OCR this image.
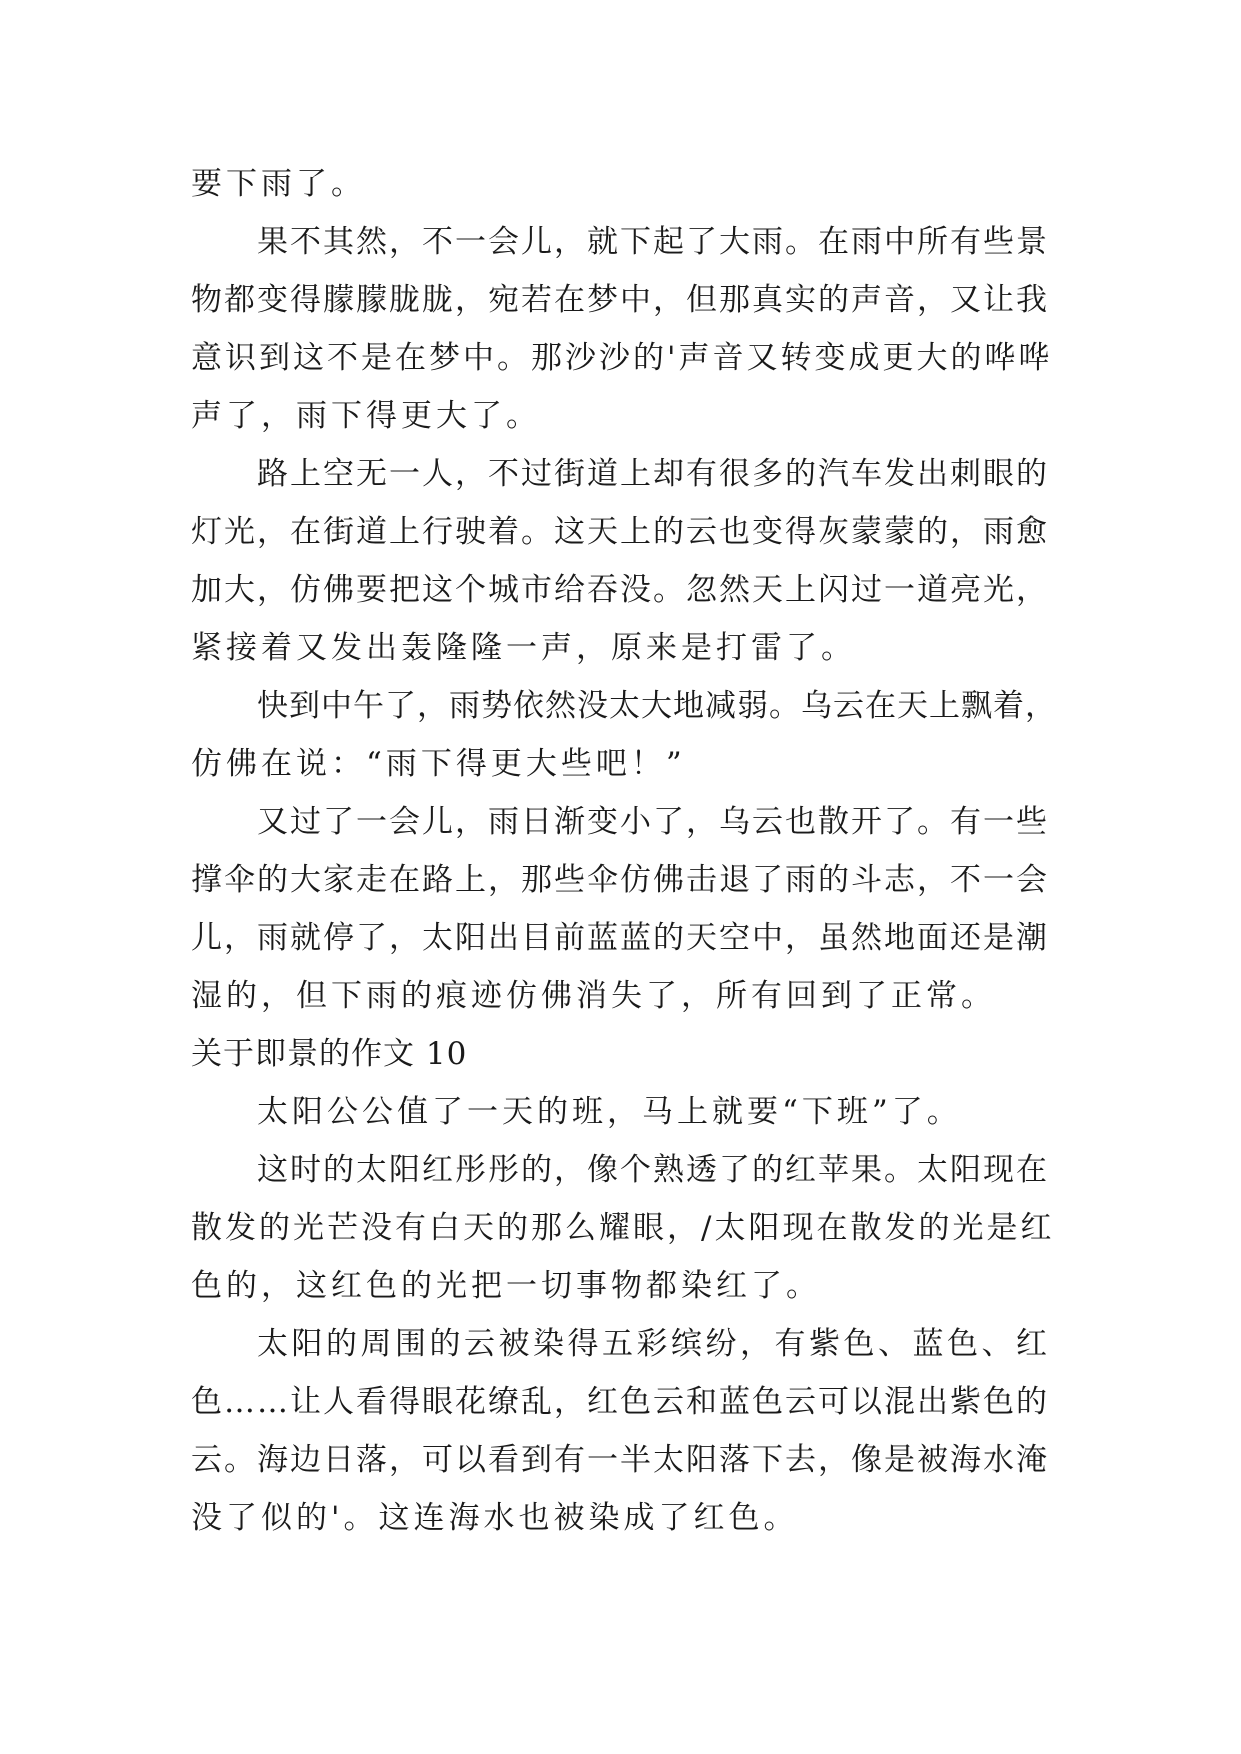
要下雨了。
果不其然，不一会儿，就下起了大雨。在雨中所有些景
物都变得朦朦胧胧，宛若在梦中，但那真实的声音，又让我
意识到这不是在梦中。那沙沙的'声音又转变成更大的哗哗
声了，雨下得更大了。
路上空无一人，不过街道上却有很多的汽车发出刺眼的
灯光，在街道上行驶着。这天上的云也变得灰蒙蒙的，雨愈
加大，仿佛要把这个城市给吞没。忽然天上闪过一道亮光，
紧接着又发出轰隆隆一声，原来是打雷了。
快到中午了，雨势依然没太大地减弱。乌云在天上飘着，
仿佛在说：“雨下得更大些吧！”
又过了一会儿，雨日渐变小了，乌云也散开了。有一些
撑伞的大家走在路上，那些伞仿佛击退了雨的斗志，不一会
儿，雨就停了，太阳出目前蓝蓝的天空中，虽然地面还是潮
湿的，但下雨的痕迹仿佛消失了，所有回到了正常。
关于即景的作文 10
太阳公公值了一天的班，马上就要“下班”了。
这时的太阳红彤彤的，像个熟透了的红苹果。太阳现在
散发的光芒没有白天的那么耀眼，/太阳现在散发的光是红
色的，这红色的光把一切事物都染红了。
太阳的周围的云被染得五彩缤纷，有紫色、蓝色、红
色……让人看得眼花缭乱，红色云和蓝色云可以混出紫色的
云。海边日落，可以看到有一半太阳落下去，像是被海水淹
没了似的'。这连海水也被染成了红色。
